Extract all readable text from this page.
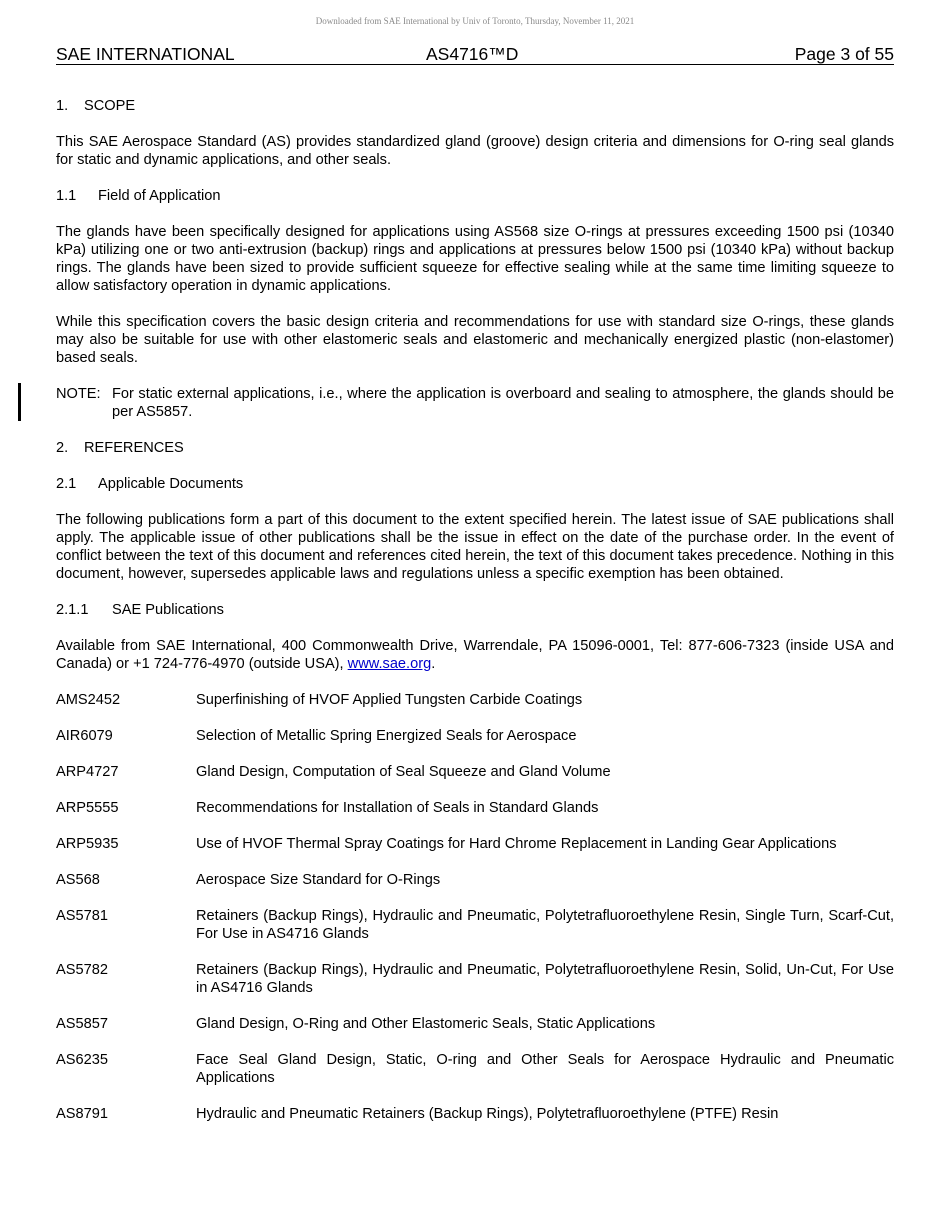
Downloaded from SAE International by Univ of Toronto, Thursday, November 11, 2021
SAE INTERNATIONAL	AS4716™D	Page 3 of 55
1.	SCOPE

This SAE Aerospace Standard (AS) provides standardized gland (groove) design criteria and dimensions for O-ring seal glands for static and dynamic applications, and other seals.

1.1	Field of Application

The glands have been specifically designed for applications using AS568 size O-rings at pressures exceeding 1500 psi (10340 kPa) utilizing one or two anti-extrusion (backup) rings and applications at pressures below 1500 psi (10340 kPa) without backup rings. The glands have been sized to provide sufficient squeeze for effective sealing while at the same time limiting squeeze to allow satisfactory operation in dynamic applications.

While this specification covers the basic design criteria and recommendations for use with standard size O-rings, these glands may also be suitable for use with other elastomeric seals and elastomeric and mechanically energized plastic (non-elastomer) based seals.

NOTE: For static external applications, i.e., where the application is overboard and sealing to atmosphere, the glands should be per AS5857.
2.	REFERENCES
2.1	Applicable Documents

The following publications form a part of this document to the extent specified herein. The latest issue of SAE publications shall apply. The applicable issue of other publications shall be the issue in effect on the date of the purchase order. In the event of conflict between the text of this document and references cited herein, the text of this document takes precedence. Nothing in this document, however, supersedes applicable laws and regulations unless a specific exemption has been obtained.

2.1.1	SAE Publications

Available from SAE International, 400 Commonwealth Drive, Warrendale, PA 15096-0001, Tel: 877-606-7323 (inside USA and Canada) or +1 724-776-4970 (outside USA), www.sae.org.

AMS2452	Superfinishing of HVOF Applied Tungsten Carbide Coatings
AIR6079	Selection of Metallic Spring Energized Seals for Aerospace
ARP4727	Gland Design, Computation of Seal Squeeze and Gland Volume
ARP5555	Recommendations for Installation of Seals in Standard Glands
ARP5935	Use of HVOF Thermal Spray Coatings for Hard Chrome Replacement in Landing Gear Applications
AS568	Aerospace Size Standard for O-Rings
AS5781	Retainers (Backup Rings), Hydraulic and Pneumatic, Polytetrafluoroethylene Resin, Single Turn, Scarf-Cut, For Use in AS4716 Glands
AS5782	Retainers (Backup Rings), Hydraulic and Pneumatic, Polytetrafluoroethylene Resin, Solid, Un-Cut, For Use in AS4716 Glands
AS5857	Gland Design, O-Ring and Other Elastomeric Seals, Static Applications
AS6235	Face Seal Gland Design, Static, O-ring and Other Seals for Aerospace Hydraulic and Pneumatic Applications
AS8791	Hydraulic and Pneumatic Retainers (Backup Rings), Polytetrafluoroethylene (PTFE) Resin
